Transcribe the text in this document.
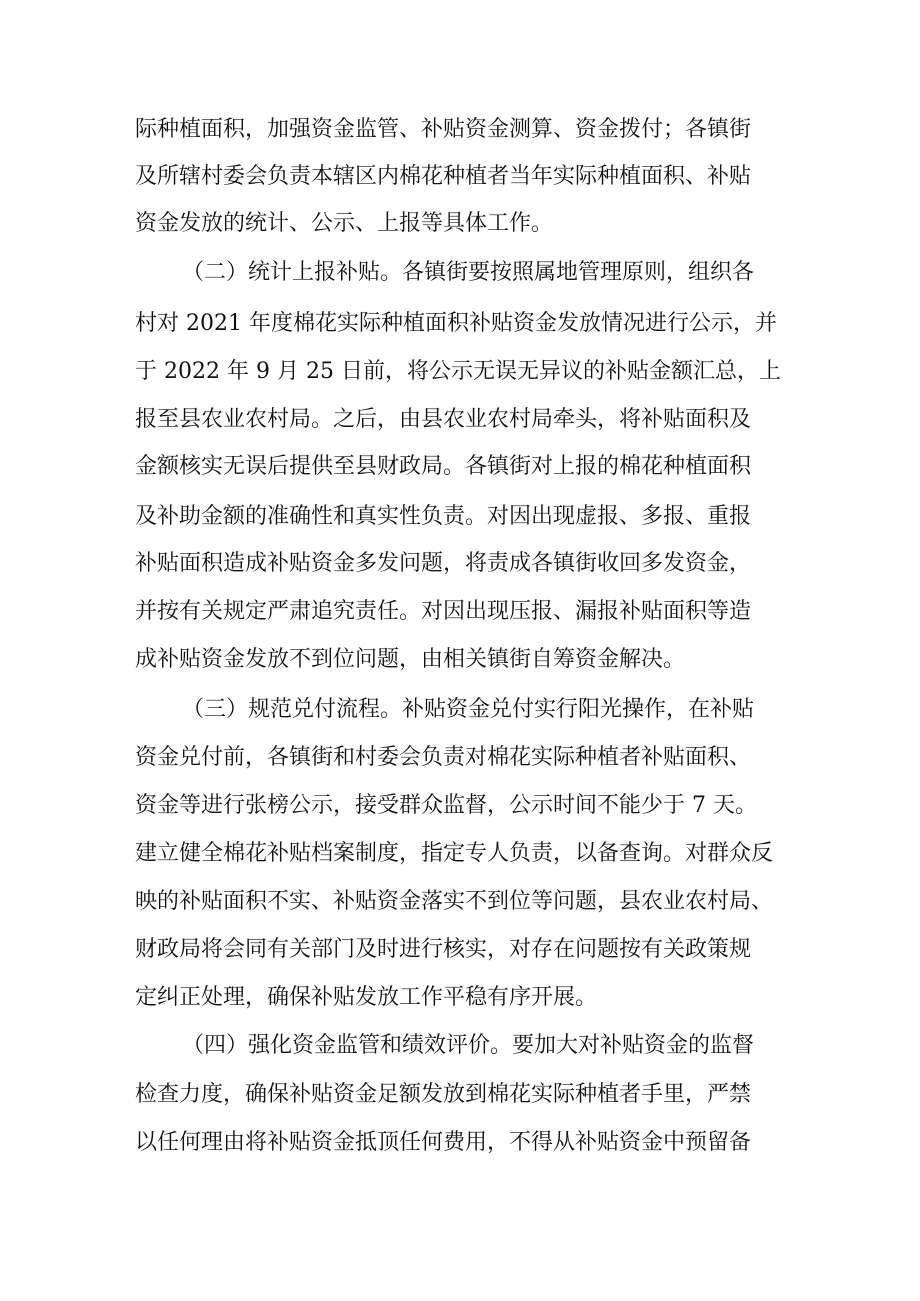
际种植面积，加强资金监管、补贴资金测算、资金拨付；各镇街
及所辖村委会负责本辖区内棉花种植者当年实际种植面积、补贴
资金发放的统计、公示、上报等具体工作。
（二）统计上报补贴。各镇街要按照属地管理原则，组织各
村对 2021 年度棉花实际种植面积补贴资金发放情况进行公示，并
于 2022 年 9 月 25 日前，将公示无误无异议的补贴金额汇总，上
报至县农业农村局。之后，由县农业农村局牵头，将补贴面积及
金额核实无误后提供至县财政局。各镇街对上报的棉花种植面积
及补助金额的准确性和真实性负责。对因出现虚报、多报、重报
补贴面积造成补贴资金多发问题，将责成各镇街收回多发资金，
并按有关规定严肃追究责任。对因出现压报、漏报补贴面积等造
成补贴资金发放不到位问题，由相关镇街自筹资金解决。
（三）规范兑付流程。补贴资金兑付实行阳光操作，在补贴
资金兑付前，各镇街和村委会负责对棉花实际种植者补贴面积、
资金等进行张榜公示，接受群众监督，公示时间不能少于 7 天。
建立健全棉花补贴档案制度，指定专人负责，以备查询。对群众反
映的补贴面积不实、补贴资金落实不到位等问题，县农业农村局、
财政局将会同有关部门及时进行核实，对存在问题按有关政策规
定纠正处理，确保补贴发放工作平稳有序开展。
（四）强化资金监管和绩效评价。要加大对补贴资金的监督
检查力度，确保补贴资金足额发放到棉花实际种植者手里，严禁
以任何理由将补贴资金抵顶任何费用，不得从补贴资金中预留备
